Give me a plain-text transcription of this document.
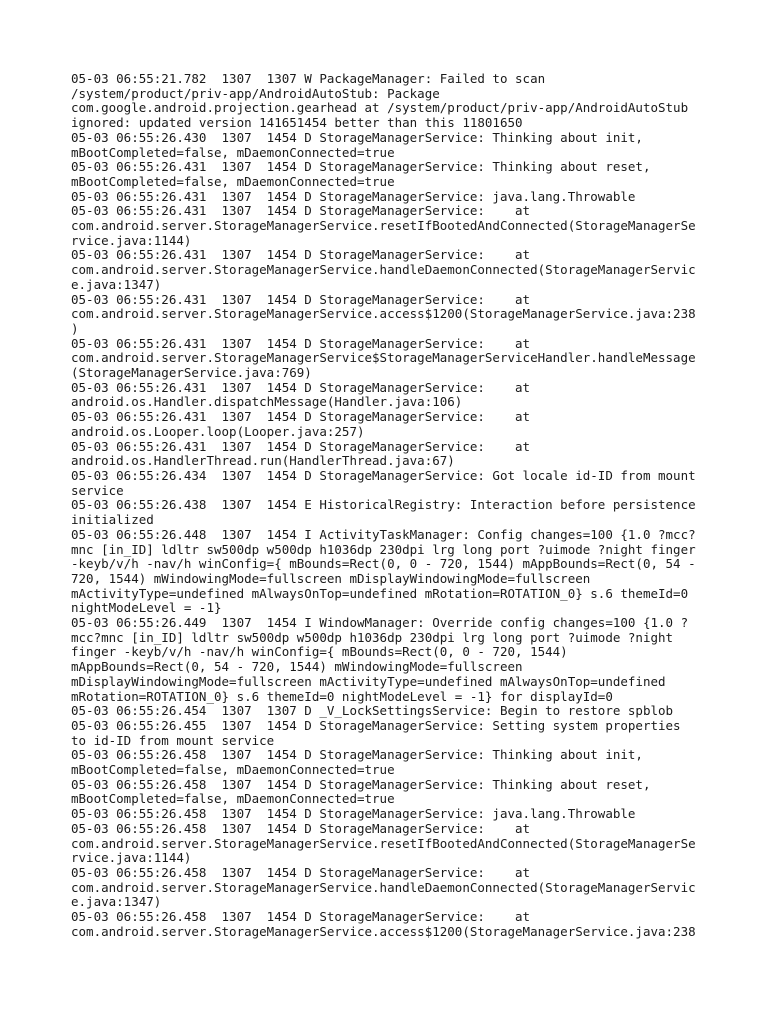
05-03 06:55:21.782  1307  1307 W PackageManager: Failed to scan
/system/product/priv-app/AndroidAutoStub: Package
com.google.android.projection.gearhead at /system/product/priv-app/AndroidAutoStub
ignored: updated version 141651454 better than this 11801650
05-03 06:55:26.430  1307  1454 D StorageManagerService: Thinking about init,
mBootCompleted=false, mDaemonConnected=true
05-03 06:55:26.431  1307  1454 D StorageManagerService: Thinking about reset,
mBootCompleted=false, mDaemonConnected=true
05-03 06:55:26.431  1307  1454 D StorageManagerService: java.lang.Throwable
05-03 06:55:26.431  1307  1454 D StorageManagerService:    at
com.android.server.StorageManagerService.resetIfBootedAndConnected(StorageManagerSe
rvice.java:1144)
05-03 06:55:26.431  1307  1454 D StorageManagerService:    at
com.android.server.StorageManagerService.handleDaemonConnected(StorageManagerServic
e.java:1347)
05-03 06:55:26.431  1307  1454 D StorageManagerService:    at
com.android.server.StorageManagerService.access$1200(StorageManagerService.java:238
)
05-03 06:55:26.431  1307  1454 D StorageManagerService:    at
com.android.server.StorageManagerService$StorageManagerServiceHandler.handleMessage
(StorageManagerService.java:769)
05-03 06:55:26.431  1307  1454 D StorageManagerService:    at
android.os.Handler.dispatchMessage(Handler.java:106)
05-03 06:55:26.431  1307  1454 D StorageManagerService:    at
android.os.Looper.loop(Looper.java:257)
05-03 06:55:26.431  1307  1454 D StorageManagerService:    at
android.os.HandlerThread.run(HandlerThread.java:67)
05-03 06:55:26.434  1307  1454 D StorageManagerService: Got locale id-ID from mount
service
05-03 06:55:26.438  1307  1454 E HistoricalRegistry: Interaction before persistence
initialized
05-03 06:55:26.448  1307  1454 I ActivityTaskManager: Config changes=100 {1.0 ?mcc?
mnc [in_ID] ldltr sw500dp w500dp h1036dp 230dpi lrg long port ?uimode ?night finger
-keyb/v/h -nav/h winConfig={ mBounds=Rect(0, 0 - 720, 1544) mAppBounds=Rect(0, 54 -
720, 1544) mWindowingMode=fullscreen mDisplayWindowingMode=fullscreen
mActivityType=undefined mAlwaysOnTop=undefined mRotation=ROTATION_0} s.6 themeId=0
nightModeLevel = -1}
05-03 06:55:26.449  1307  1454 I WindowManager: Override config changes=100 {1.0 ?
mcc?mnc [in_ID] ldltr sw500dp w500dp h1036dp 230dpi lrg long port ?uimode ?night
finger -keyb/v/h -nav/h winConfig={ mBounds=Rect(0, 0 - 720, 1544)
mAppBounds=Rect(0, 54 - 720, 1544) mWindowingMode=fullscreen
mDisplayWindowingMode=fullscreen mActivityType=undefined mAlwaysOnTop=undefined
mRotation=ROTATION_0} s.6 themeId=0 nightModeLevel = -1} for displayId=0
05-03 06:55:26.454  1307  1307 D _V_LockSettingsService: Begin to restore spblob
05-03 06:55:26.455  1307  1454 D StorageManagerService: Setting system properties
to id-ID from mount service
05-03 06:55:26.458  1307  1454 D StorageManagerService: Thinking about init,
mBootCompleted=false, mDaemonConnected=true
05-03 06:55:26.458  1307  1454 D StorageManagerService: Thinking about reset,
mBootCompleted=false, mDaemonConnected=true
05-03 06:55:26.458  1307  1454 D StorageManagerService: java.lang.Throwable
05-03 06:55:26.458  1307  1454 D StorageManagerService:    at
com.android.server.StorageManagerService.resetIfBootedAndConnected(StorageManagerSe
rvice.java:1144)
05-03 06:55:26.458  1307  1454 D StorageManagerService:    at
com.android.server.StorageManagerService.handleDaemonConnected(StorageManagerServic
e.java:1347)
05-03 06:55:26.458  1307  1454 D StorageManagerService:    at
com.android.server.StorageManagerService.access$1200(StorageManagerService.java:238
